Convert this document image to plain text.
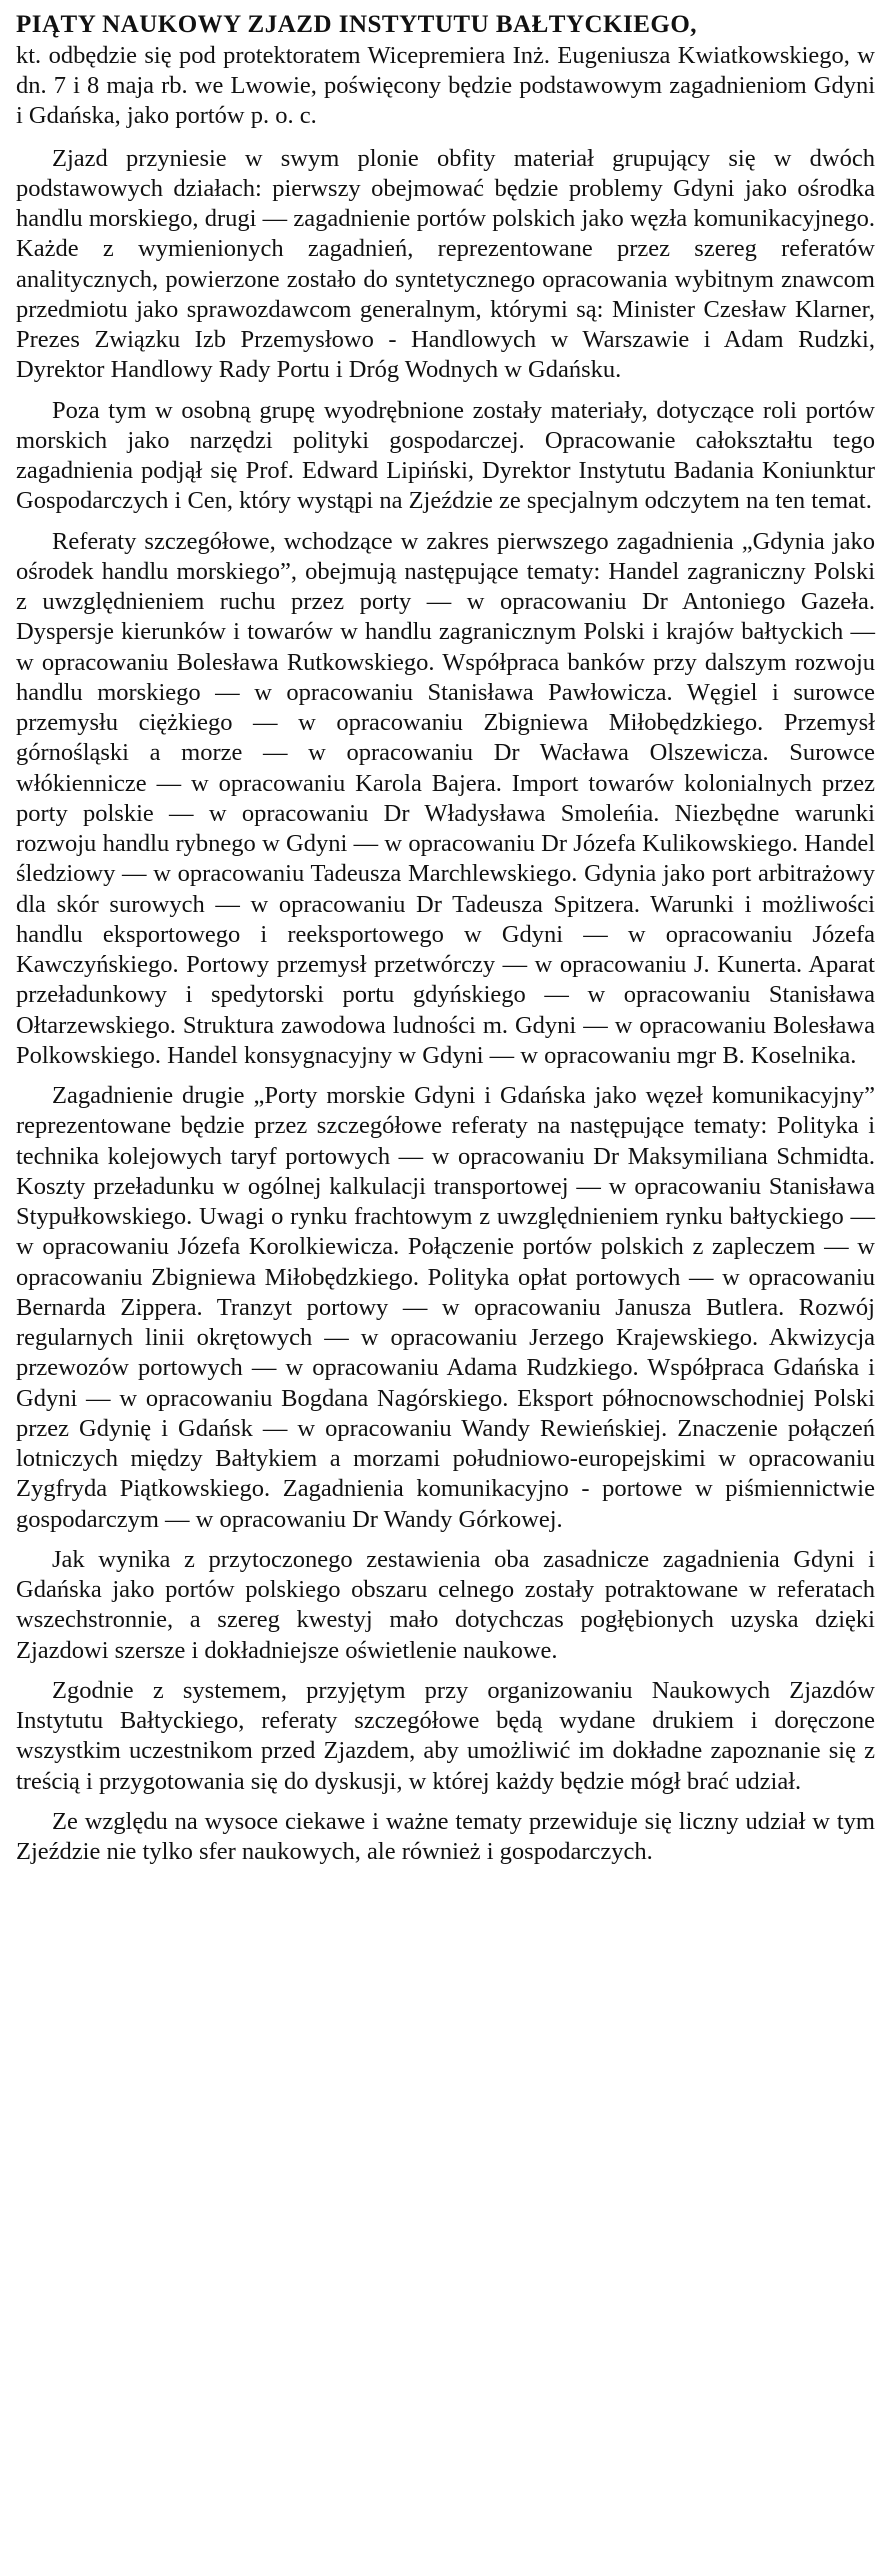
PIĄTY NAUKOWY ZJAZD INSTYTUTU BAŁTYCKIEGO,

kt. odbędzie się pod protektoratem Wicepremiera Inż. Eugeniusza Kwiatkowskiego, w dn. 7 i 8 maja rb. we Lwowie, poświęcony będzie podstawowym zagadnieniom Gdyni i Gdańska, jako portów p. o. c.

Zjazd przyniesie w swym plonie obfity materiał grupujący się w dwóch podstawowych działach: pierwszy obejmować będzie problemy Gdyni jako ośrodka handlu morskiego, drugi — zagadnienie portów polskich jako węzła komunikacyjnego. Każde z wymienionych zagadnień, reprezentowane przez szereg referatów analitycznych, powierzone zostało do syntetycznego opracowania wybitnym znawcom przedmiotu jako sprawozdawcom generalnym, którymi są: Minister Czesław Klarner, Prezes Związku Izb Przemysłowo - Handlowych w Warszawie i Adam Rudzki, Dyrektor Handlowy Rady Portu i Dróg Wodnych w Gdańsku.

Poza tym w osobną grupę wyodrębnione zostały materiały, dotyczące roli portów morskich jako narzędzi polityki gospodarczej. Opracowanie całokształtu tego zagadnienia podjął się Prof. Edward Lipiński, Dyrektor Instytutu Badania Koniunktur Gospodarczych i Cen, który wystąpi na Zjeździe ze specjalnym odczytem na ten temat.

Referaty szczegółowe, wchodzące w zakres pierwszego zagadnienia „Gdynia jako ośrodek handlu morskiego”, obejmują następujące tematy: Handel zagraniczny Polski z uwzględnieniem ruchu przez porty — w opracowaniu Dr Antoniego Gazeła. Dyspersje kierunków i towarów w handlu zagranicznym Polski i krajów bałtyckich — w opracowaniu Bolesława Rutkowskiego. Współpraca banków przy dalszym rozwoju handlu morskiego — w opracowaniu Stanisława Pawłowicza. Węgiel i surowce przemysłu ciężkiego — w opracowaniu Zbigniewa Miłobędzkiego. Przemysł górnośląski a morze — w opracowaniu Dr Wacława Olszewicza. Surowce włókiennicze — w opracowaniu Karola Bajera. Import towarów kolonialnych przez porty polskie — w opracowaniu Dr Władysława Smoleńia. Niezbędne warunki rozwoju handlu rybnego w Gdyni — w opracowaniu Dr Józefa Kulikowskiego. Handel śledziowy — w opracowaniu Tadeusza Marchlewskiego. Gdynia jako port arbitrażowy dla skór surowych — w opracowaniu Dr Tadeusza Spitzera. Warunki i możliwości handlu eksportowego i reeksportowego w Gdyni — w opracowaniu Józefa Kawczyńskiego. Portowy przemysł przetwórczy — w opracowaniu J. Kunerta. Aparat przeładunkowy i spedytorski portu gdyńskiego — w opracowaniu Stanisława Ołtarzewskiego. Struktura zawodowa ludności m. Gdyni — w opracowaniu Bolesława Polkowskiego. Handel konsygnacyjny w Gdyni — w opracowaniu mgr B. Koselnika.

Zagadnienie drugie „Porty morskie Gdyni i Gdańska jako węzeł komunikacyjny” reprezentowane będzie przez szczegółowe referaty na następujące tematy: Polityka i technika kolejowych taryf portowych — w opracowaniu Dr Maksymiliana Schmidta. Koszty przeładunku w ogólnej kalkulacji transportowej — w opracowaniu Stanisława Stypułkowskiego. Uwagi o rynku frachtowym z uwzględnieniem rynku bałtyckiego — w opracowaniu Józefa Korolkiewicza. Połączenie portów polskich z zapleczem — w opracowaniu Zbigniewa Miłobędzkiego. Polityka opłat portowych — w opracowaniu Bernarda Zippera. Tranzyt portowy — w opracowaniu Janusza Butlera. Rozwój regularnych linii okrętowych — w opracowaniu Jerzego Krajewskiego. Akwizycja przewozów portowych — w opracowaniu Adama Rudzkiego. Współpraca Gdańska i Gdyni — w opracowaniu Bogdana Nagórskiego. Eksport północnowschodniej Polski przez Gdynię i Gdańsk — w opracowaniu Wandy Rewieńskiej. Znaczenie połączeń lotniczych między Bałtykiem a morzami południowo-europejskimi w opracowaniu Zygfryda Piątkowskiego. Zagadnienia komunikacyjno - portowe w piśmiennictwie gospodarczym — w opracowaniu Dr Wandy Górkowej.

Jak wynika z przytoczonego zestawienia oba zasadnicze zagadnienia Gdyni i Gdańska jako portów polskiego obszaru celnego zostały potraktowane w referatach wszechstronnie, a szereg kwestyj mało dotychczas pogłębionych uzyska dzięki Zjazdowi szersze i dokładniejsze oświetlenie naukowe.

Zgodnie z systemem, przyjętym przy organizowaniu Naukowych Zjazdów Instytutu Bałtyckiego, referaty szczegółowe będą wydane drukiem i doręczone wszystkim uczestnikom przed Zjazdem, aby umożliwić im dokładne zapoznanie się z treścią i przygotowania się do dyskusji, w której każdy będzie mógł brać udział.

Ze względu na wysoce ciekawe i ważne tematy przewiduje się liczny udział w tym Zjeździe nie tylko sfer naukowych, ale również i gospodarczych.
